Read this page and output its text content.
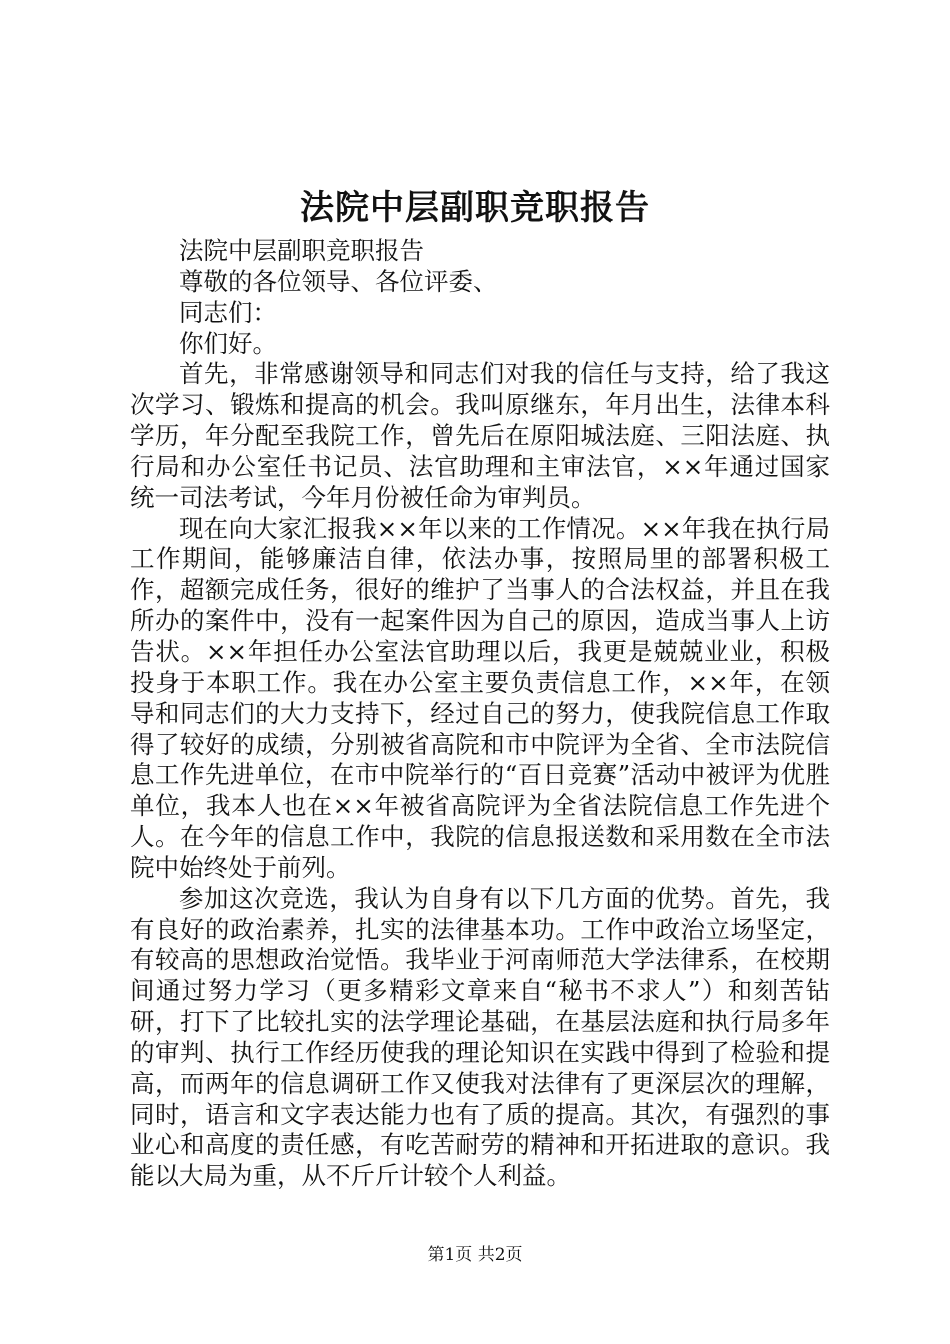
法院中层副职竞职报告

法院中层副职竞职报告

尊敬的各位领导、各位评委、

同志们：

你们好。

首先，非常感谢领导和同志们对我的信任与支持，给了我这次学习、锻炼和提高的机会。我叫原继东，年月出生，法律本科学历，年分配至我院工作，曾先后在原阳城法庭、三阳法庭、执行局和办公室任书记员、法官助理和主审法官，××年通过国家统一司法考试，今年月份被任命为审判员。

现在向大家汇报我××年以来的工作情况。××年我在执行局工作期间，能够廉洁自律，依法办事，按照局里的部署积极工作，超额完成任务，很好的维护了当事人的合法权益，并且在我所办的案件中，没有一起案件因为自己的原因，造成当事人上访告状。××年担任办公室法官助理以后，我更是兢兢业业，积极投身于本职工作。我在办公室主要负责信息工作，××年，在领导和同志们的大力支持下，经过自己的努力，使我院信息工作取得了较好的成绩，分别被省高院和市中院评为全省、全市法院信息工作先进单位，在市中院举行的“百日竞赛”活动中被评为优胜单位，我本人也在××年被省高院评为全省法院信息工作先进个人。在今年的信息工作中，我院的信息报送数和采用数在全市法院中始终处于前列。

参加这次竞选，我认为自身有以下几方面的优势。首先，我有良好的政治素养，扎实的法律基本功。工作中政治立场坚定，有较高的思想政治觉悟。我毕业于河南师范大学法律系，在校期间通过努力学习（更多精彩文章来自“秘书不求人”）和刻苦钻研，打下了比较扎实的法学理论基础，在基层法庭和执行局多年的审判、执行工作经历使我的理论知识在实践中得到了检验和提高，而两年的信息调研工作又使我对法律有了更深层次的理解，同时，语言和文字表达能力也有了质的提高。其次，有强烈的事业心和高度的责任感，有吃苦耐劳的精神和开拓进取的意识。我能以大局为重，从不斤斤计较个人利益。

第1页 共2页
